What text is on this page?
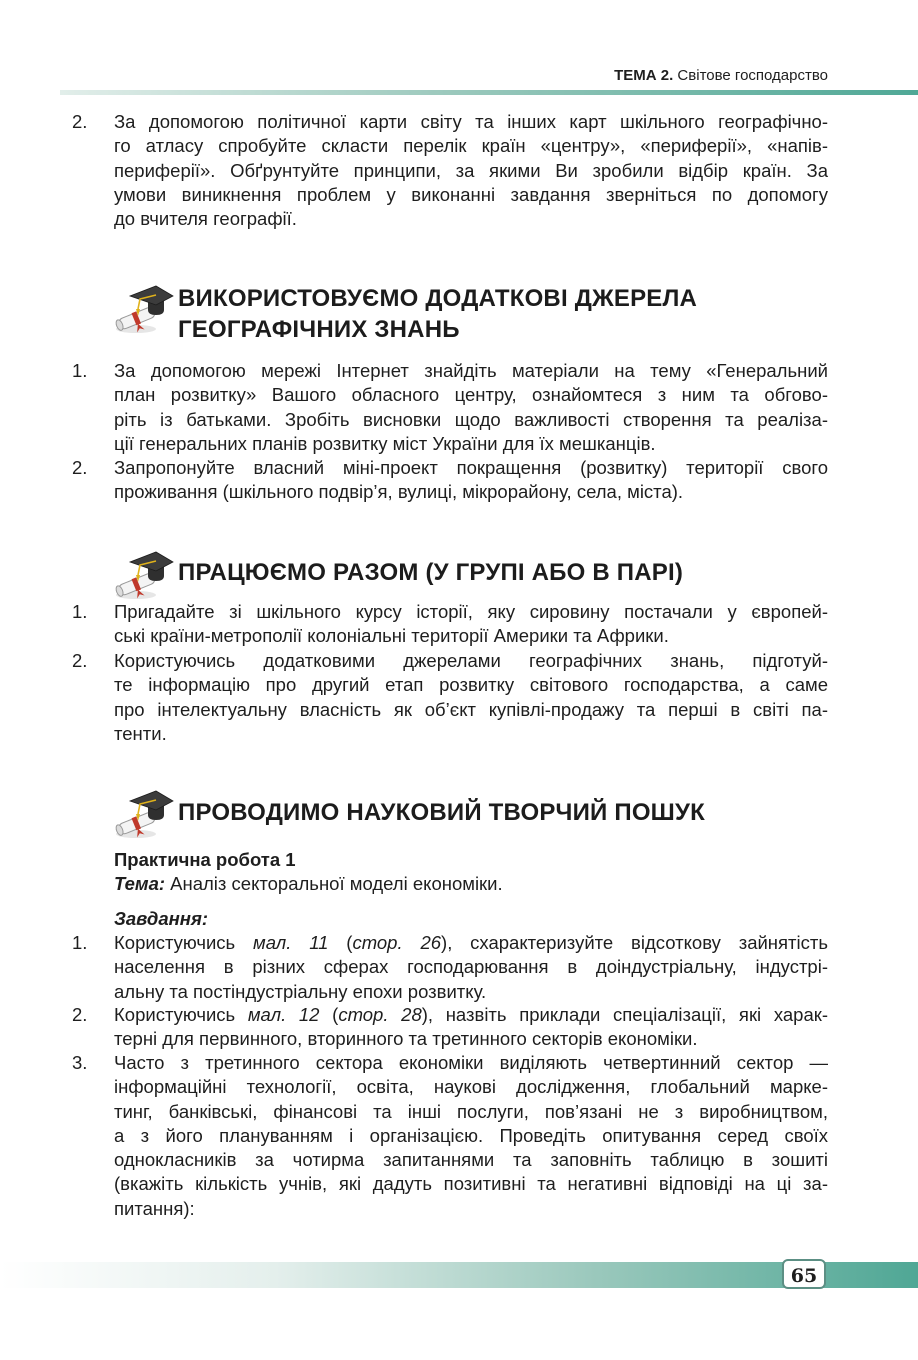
ТЕМА 2. Світове господарство
2. За допомогою політичної карти світу та інших карт шкільного географічно-
го атласу спробуйте скласти перелік країн «центру», «периферії», «напів-
периферії». Обґрунтуйте принципи, за якими Ви зробили відбір країн. За
умови виникнення проблем у виконанні завдання зверніться по допомогу
до вчителя географії.
ВИКОРИСТОВУЄМО ДОДАТКОВІ ДЖЕРЕЛА
ГЕОГРАФІЧНИХ ЗНАНЬ
1. За допомогою мережі Інтернет знайдіть матеріали на тему «Генеральний
план розвитку» Вашого обласного центру, ознайомтеся з ним та обгово-
ріть із батьками. Зробіть висновки щодо важливості створення та реаліза-
ції генеральних планів розвитку міст України для їх мешканців.
2. Запропонуйте власний міні-проект покращення (розвитку) території свого
проживання (шкільного подвір’я, вулиці, мікрорайону, села, міста).
ПРАЦЮЄМО РАЗОМ (У ГРУПІ АБО В ПАРІ)
1. Пригадайте зі шкільного курсу історії, яку сировину постачали у європей-
ські країни-метрополії колоніальні території Америки та Африки.
2. Користуючись додатковими джерелами географічних знань, підготуй-
те інформацію про другий етап розвитку світового господарства, а саме
про інтелектуальну власність як об’єкт купівлі-продажу та перші в світі па-
тенти.
ПРОВОДИМО НАУКОВИЙ ТВОРЧИЙ ПОШУК
Практична робота 1
Тема: Аналіз секторальної моделі економіки.
Завдання:
1. Користуючись мал. 11 (стор. 26), схарактеризуйте відсоткову зайнятість
населення в різних сферах господарювання в доіндустріальну, індустрі-
альну та постіндустріальну епохи розвитку.
2. Користуючись мал. 12 (стор. 28), назвіть приклади спеціалізації, які харак-
терні для первинного, вторинного та третинного секторів економіки.
3. Часто з третинного сектора економіки виділяють четвертинний сектор —
інформаційні технології, освіта, наукові дослідження, глобальний марке-
тинг, банківські, фінансові та інші послуги, пов’язані не з виробництвом,
а з його плануванням і організацією. Проведіть опитування серед своїх
однокласників за чотирма запитаннями та заповніть таблицю в зошиті
(вкажіть кількість учнів, які дадуть позитивні та негативні відповіді на ці за-
питання):
65
